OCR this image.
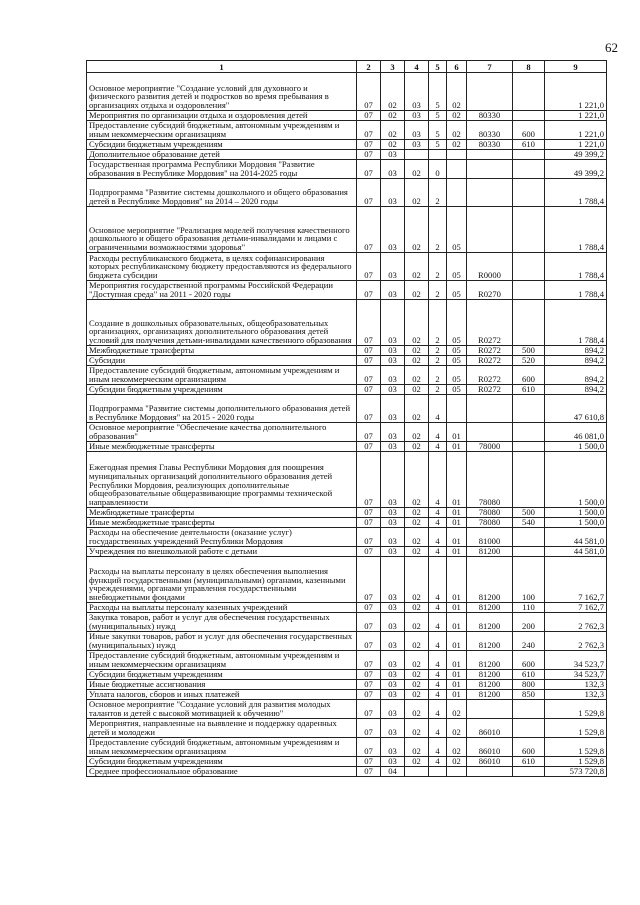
62
1	2	3	4	5	6	7	8	9
Основное мероприятие "Создание условий для духовного и физического развития детей и подростков во время пребывания в организациях отдыха и оздоровления"	07	02	03	5	02			1 221,0
Мероприятия по организации отдыха и оздоровления детей	07	02	03	5	02	80330		1 221,0
Предоставление субсидий бюджетным, автономным учреждениям и иным некоммерческим организациям	07	02	03	5	02	80330	600	1 221,0
Субсидии бюджетным учреждениям	07	02	03	5	02	80330	610	1 221,0
Дополнительное образование детей	07	03						49 399,2
Государственная программа Республики Мордовия "Развитие образования в Республике Мордовия" на 2014-2025 годы	07	03	02	0				49 399,2
Подпрограмма "Развитие системы дошкольного и общего образования детей в Республике Мордовия" на 2014 – 2020 годы	07	03	02	2				1 788,4
Основное мероприятие "Реализация моделей получения качественного дошкольного и общего образования детьми-инвалидами и лицами с ограниченными возможностями здоровья"	07	03	02	2	05			1 788,4
Расходы республиканского бюджета, в целях софинансирования которых республиканскому бюджету предоставляются из федерального бюджета субсидии	07	03	02	2	05	R0000		1 788,4
Мероприятия государственной программы Российской Федерации "Доступная среда" на 2011 - 2020 годы	07	03	02	2	05	R0270		1 788,4
Создание в дошкольных образовательных, общеобразовательных организациях, организациях дополнительного образования детей условий для получения детьми-инвалидами качественного образования	07	03	02	2	05	R0272		1 788,4
Межбюджетные трансферты	07	03	02	2	05	R0272	500	894,2
Субсидии	07	03	02	2	05	R0272	520	894,2
Предоставление субсидий бюджетным, автономным учреждениям и иным некоммерческим организациям	07	03	02	2	05	R0272	600	894,2
Субсидии бюджетным учреждениям	07	03	02	2	05	R0272	610	894,2
Подпрограмма "Развитие системы дополнительного образования детей в Республике Мордовия" на 2015 - 2020 годы	07	03	02	4				47 610,8
Основное мероприятие "Обеспечение качества дополнительного образования"	07	03	02	4	01			46 081,0
Иные межбюджетные трансферты	07	03	02	4	01	78000		1 500,0
Ежегодная премия Главы Республики Мордовия для поощрения муниципальных организаций дополнительного образования детей Республики Мордовия, реализующих дополнительные общеобразовательные общеразвивающие программы технической направленности	07	03	02	4	01	78080		1 500,0
Межбюджетные трансферты	07	03	02	4	01	78080	500	1 500,0
Иные межбюджетные трансферты	07	03	02	4	01	78080	540	1 500,0
Расходы на обеспечение деятельности (оказание услуг) государственных учреждений Республики Мордовия	07	03	02	4	01	81000		44 581,0
Учреждения по внешкольной работе с детьми	07	03	02	4	01	81200		44 581,0
Расходы на выплаты персоналу в целях обеспечения выполнения функций государственными (муниципальными) органами, казенными учреждениями, органами управления государственными внебюджетными фондами	07	03	02	4	01	81200	100	7 162,7
Расходы на выплаты персоналу казенных учреждений	07	03	02	4	01	81200	110	7 162,7
Закупка товаров, работ и услуг для обеспечения государственных (муниципальных) нужд	07	03	02	4	01	81200	200	2 762,3
Иные закупки товаров, работ и услуг для обеспечения государственных (муниципальных) нужд	07	03	02	4	01	81200	240	2 762,3
Предоставление субсидий бюджетным, автономным учреждениям и иным некоммерческим организациям	07	03	02	4	01	81200	600	34 523,7
Субсидии бюджетным учреждениям	07	03	02	4	01	81200	610	34 523,7
Иные бюджетные ассигнования	07	03	02	4	01	81200	800	132,3
Уплата налогов, сборов и иных платежей	07	03	02	4	01	81200	850	132,3
Основное мероприятие "Создание условий для развития молодых талантов и детей с высокой мотивацией к обучению"	07	03	02	4	02			1 529,8
Мероприятия, направленные на выявление и поддержку одаренных детей и молодежи	07	03	02	4	02	86010		1 529,8
Предоставление субсидий бюджетным, автономным учреждениям и иным некоммерческим организациям	07	03	02	4	02	86010	600	1 529,8
Субсидии бюджетным учреждениям	07	03	02	4	02	86010	610	1 529,8
Среднее профессиональное образование	07	04						573 720,8
